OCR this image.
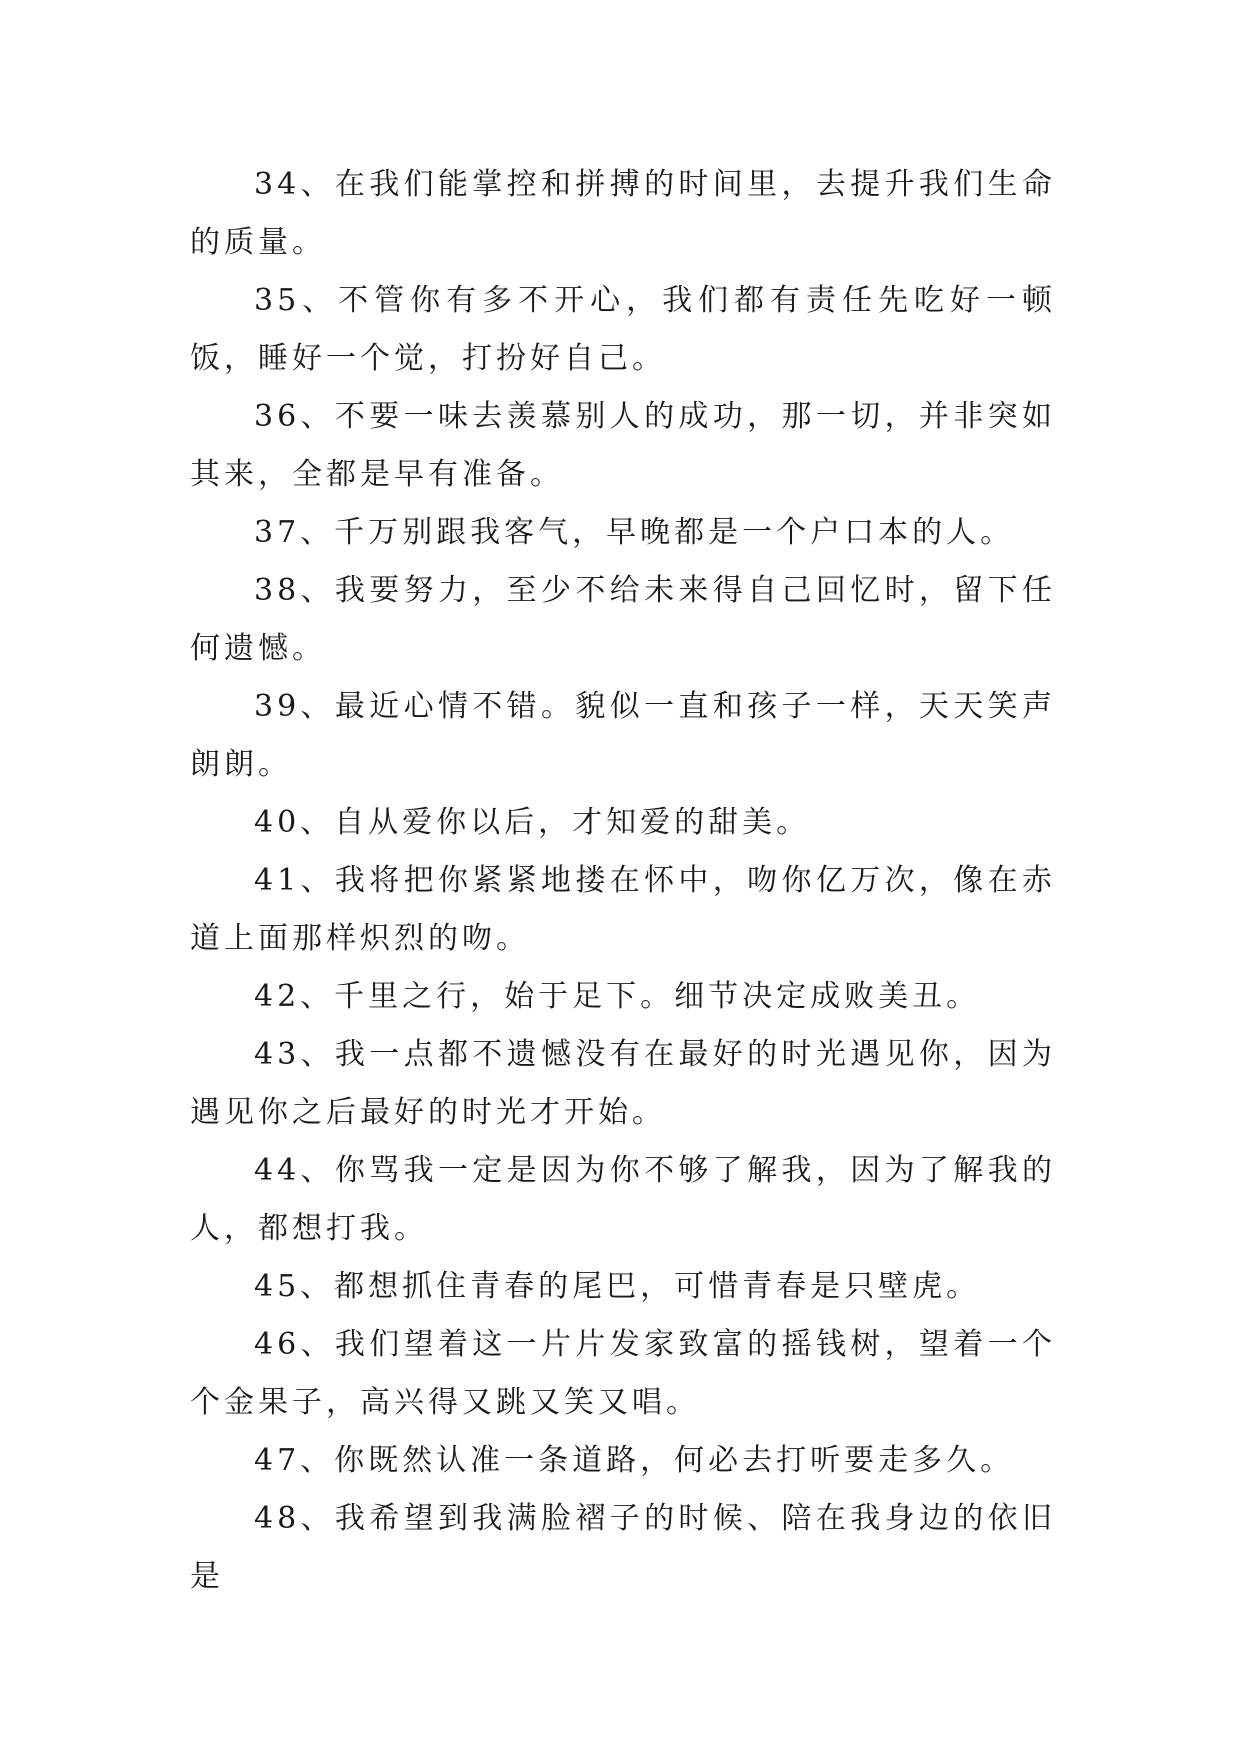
34、在我们能掌控和拼搏的时间里，去提升我们生命的质量。

35、不管你有多不开心，我们都有责任先吃好一顿饭，睡好一个觉，打扮好自己。

36、不要一味去羡慕别人的成功，那一切，并非突如其来，全都是早有准备。

37、千万别跟我客气，早晚都是一个户口本的人。

38、我要努力，至少不给未来得自己回忆时，留下任何遗憾。

39、最近心情不错。貌似一直和孩子一样，天天笑声朗朗。

40、自从爱你以后，才知爱的甜美。

41、我将把你紧紧地搂在怀中，吻你亿万次，像在赤道上面那样炽烈的吻。

42、千里之行，始于足下。细节决定成败美丑。

43、我一点都不遗憾没有在最好的时光遇见你，因为遇见你之后最好的时光才开始。

44、你骂我一定是因为你不够了解我，因为了解我的人，都想打我。

45、都想抓住青春的尾巴，可惜青春是只壁虎。

46、我们望着这一片片发家致富的摇钱树，望着一个个金果子，高兴得又跳又笑又唱。

47、你既然认准一条道路，何必去打听要走多久。

48、我希望到我满脸褶子的时候、陪在我身边的依旧是
